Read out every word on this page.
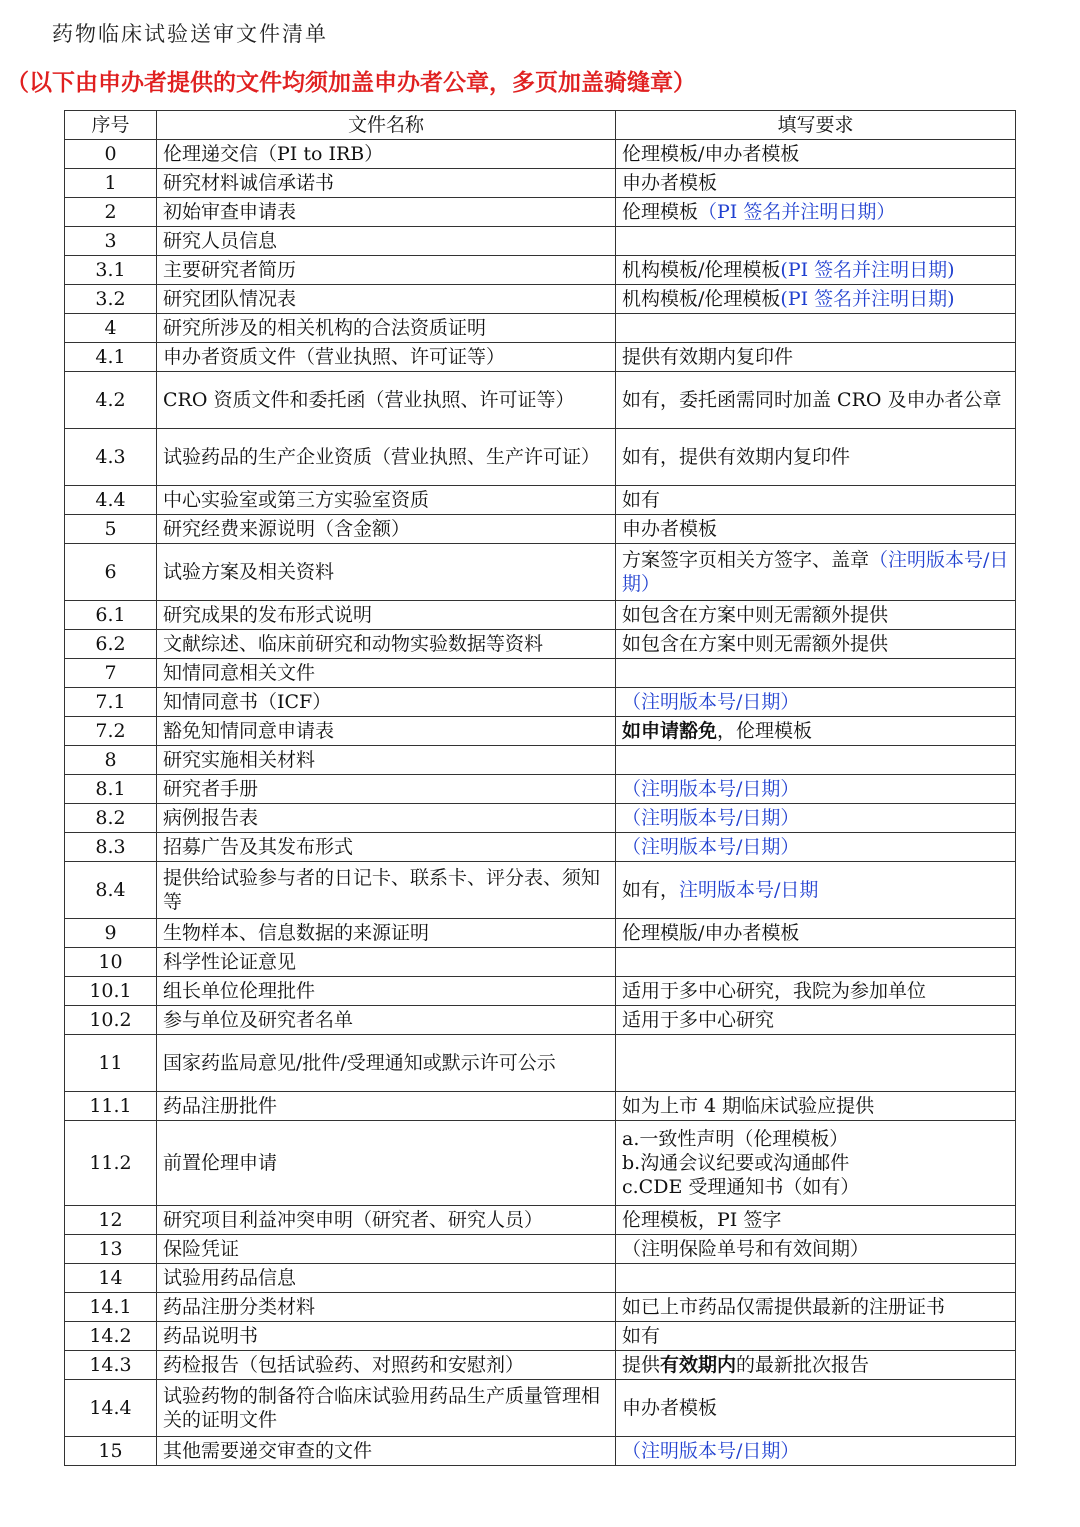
药物临床试验送审文件清单
（以下由申办者提供的文件均须加盖申办者公章，多页加盖骑缝章）
序号	文件名称	填写要求
0	伦理递交信（PI to IRB）	伦理模板/申办者模板
1	研究材料诚信承诺书	申办者模板
2	初始审查申请表	伦理模板（PI 签名并注明日期）
3	研究人员信息	
3.1	主要研究者简历	机构模板/伦理模板(PI 签名并注明日期)
3.2	研究团队情况表	机构模板/伦理模板(PI 签名并注明日期)
4	研究所涉及的相关机构的合法资质证明	
4.1	申办者资质文件（营业执照、许可证等）	提供有效期内复印件
4.2	CRO 资质文件和委托函（营业执照、许可证等）	如有，委托函需同时加盖 CRO 及申办者公章
4.3	试验药品的生产企业资质（营业执照、生产许可证）	如有，提供有效期内复印件
4.4	中心实验室或第三方实验室资质	如有
5	研究经费来源说明（含金额）	申办者模板
6	试验方案及相关资料	方案签字页相关方签字、盖章（注明版本号/日期）
6.1	研究成果的发布形式说明	如包含在方案中则无需额外提供
6.2	文献综述、临床前研究和动物实验数据等资料	如包含在方案中则无需额外提供
7	知情同意相关文件	
7.1	知情同意书（ICF）	（注明版本号/日期）
7.2	豁免知情同意申请表	如申请豁免，伦理模板
8	研究实施相关材料	
8.1	研究者手册	（注明版本号/日期）
8.2	病例报告表	（注明版本号/日期）
8.3	招募广告及其发布形式	（注明版本号/日期）
8.4	提供给试验参与者的日记卡、联系卡、评分表、须知等	如有，注明版本号/日期
9	生物样本、信息数据的来源证明	伦理模版/申办者模板
10	科学性论证意见	
10.1	组长单位伦理批件	适用于多中心研究，我院为参加单位
10.2	参与单位及研究者名单	适用于多中心研究
11	国家药监局意见/批件/受理通知或默示许可公示	
11.1	药品注册批件	如为上市 4 期临床试验应提供
11.2	前置伦理申请	a.一致性声明（伦理模板）
b.沟通会议纪要或沟通邮件
c.CDE 受理通知书（如有）

12	研究项目利益冲突申明（研究者、研究人员）	伦理模板，PI 签字
13	保险凭证	（注明保险单号和有效间期）
14	试验用药品信息	
14.1	药品注册分类材料	如已上市药品仅需提供最新的注册证书
14.2	药品说明书	如有
14.3	药检报告（包括试验药、对照药和安慰剂）	提供有效期内的最新批次报告
14.4	试验药物的制备符合临床试验用药品生产质量管理相关的证明文件	申办者模板
15	其他需要递交审查的文件	（注明版本号/日期）
